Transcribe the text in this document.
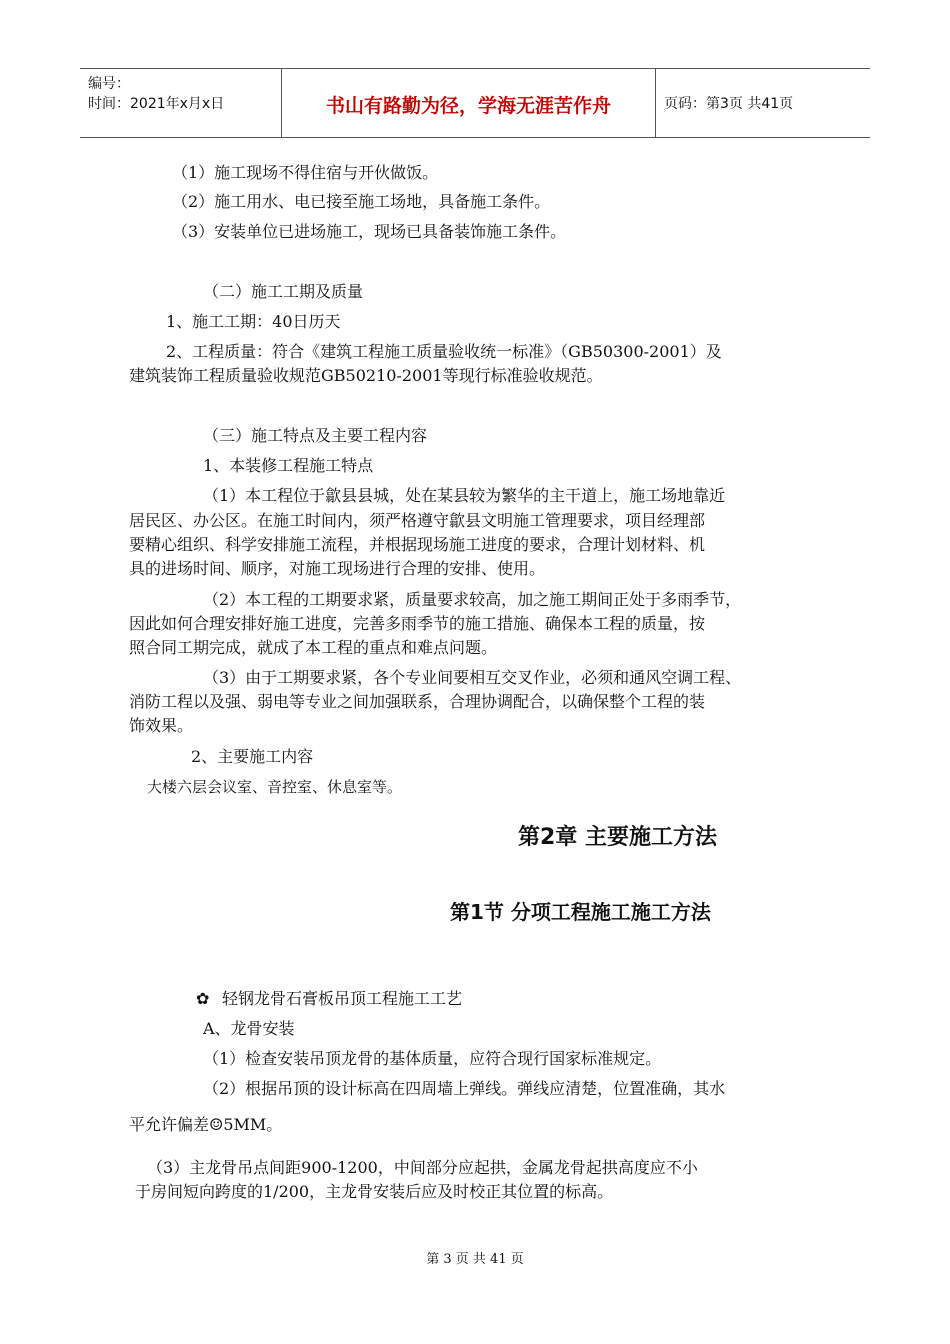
编号：
时间：2021年x月x日	书山有路勤为径，学海无涯苦作舟	页码：第3页 共41页
（1）施工现场不得住宿与开伙做饭。
（2）施工用水、电已接至施工场地，具备施工条件。
（3）安装单位已进场施工，现场已具备装饰施工条件。
（二）施工工期及质量
1、施工工期：40日历天
2、工程质量：符合《建筑工程施工质量验收统一标准》（GB50300-2001）及
建筑装饰工程质量验收规范GB50210-2001等现行标准验收规范。
（三）施工特点及主要工程内容
1、本装修工程施工特点
（1）本工程位于歙县县城，处在某县较为繁华的主干道上，施工场地靠近
居民区、办公区。在施工时间内，须严格遵守歙县文明施工管理要求，项目经理部
要精心组织、科学安排施工流程，并根据现场施工进度的要求，合理计划材料、机
具的进场时间、顺序，对施工现场进行合理的安排、使用。
（2）本工程的工期要求紧，质量要求较高，加之施工期间正处于多雨季节，
因此如何合理安排好施工进度，完善多雨季节的施工措施、确保本工程的质量，按
照合同工期完成，就成了本工程的重点和难点问题。
（3）由于工期要求紧，各个专业间要相互交叉作业，必须和通风空调工程、
消防工程以及强、弱电等专业之间加强联系，合理协调配合，以确保整个工程的装
饰效果。
2、主要施工内容
大楼六层会议室、音控室、休息室等。
第2章 主要施工方法
第1节 分项工程施工施工方法
✿ 轻钢龙骨石膏板吊顶工程施工工艺
A、龙骨安装
（1）检查安装吊顶龙骨的基体质量，应符合现行国家标准规定。
（2）根据吊顶的设计标高在四周墙上弹线。弹线应清楚，位置准确，其水
平允许偏差☺5MM。
（3）主龙骨吊点间距900-1200，中间部分应起拱，金属龙骨起拱高度应不小
于房间短向跨度的1/200，主龙骨安装后应及时校正其位置的标高。
第 3 页 共 41 页
